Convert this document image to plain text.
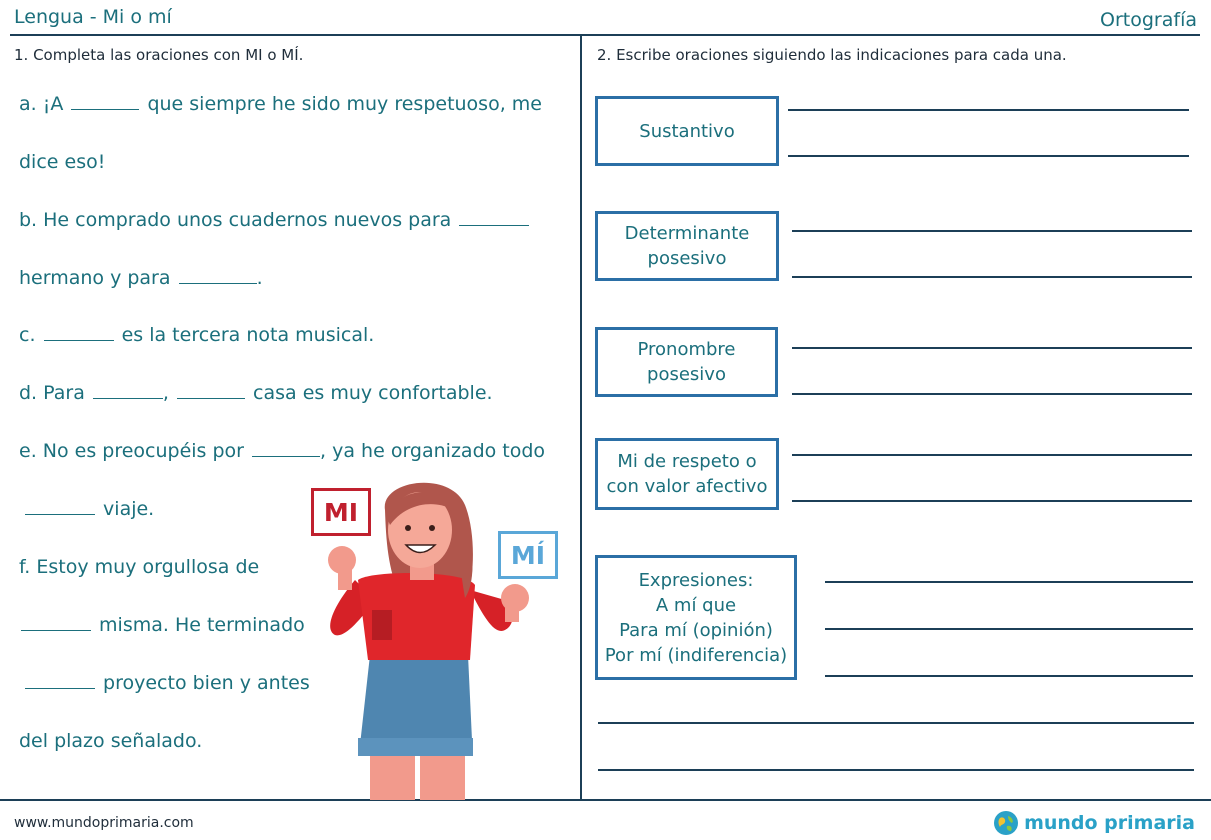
Lengua - Mi o mí	Ortografía
1. Completa las oraciones con MI o MÍ.
a. ¡A	que siempre he sido muy respetuoso, me
dice eso!
b. He comprado unos cuadernos nuevos para
hermano y para	.
c.	es la tercera nota musical.
d. Para	,	casa es muy confortable.
e. No es preocupéis por	, ya he organizado todo
viaje.
f. Estoy muy orgullosa de
misma. He terminado
proyecto bien y antes
del plazo señalado.
MI
MÍ
2. Escribe oraciones siguiendo las indicaciones para cada una.
Sustantivo
Determinante
posesivo
Pronombre
posesivo
Mi de respeto o
con valor afectivo
Expresiones:
A mí que
Para mí (opinión)
Por mí (indiferencia)
www.mundoprimaria.com	mundo primaria
